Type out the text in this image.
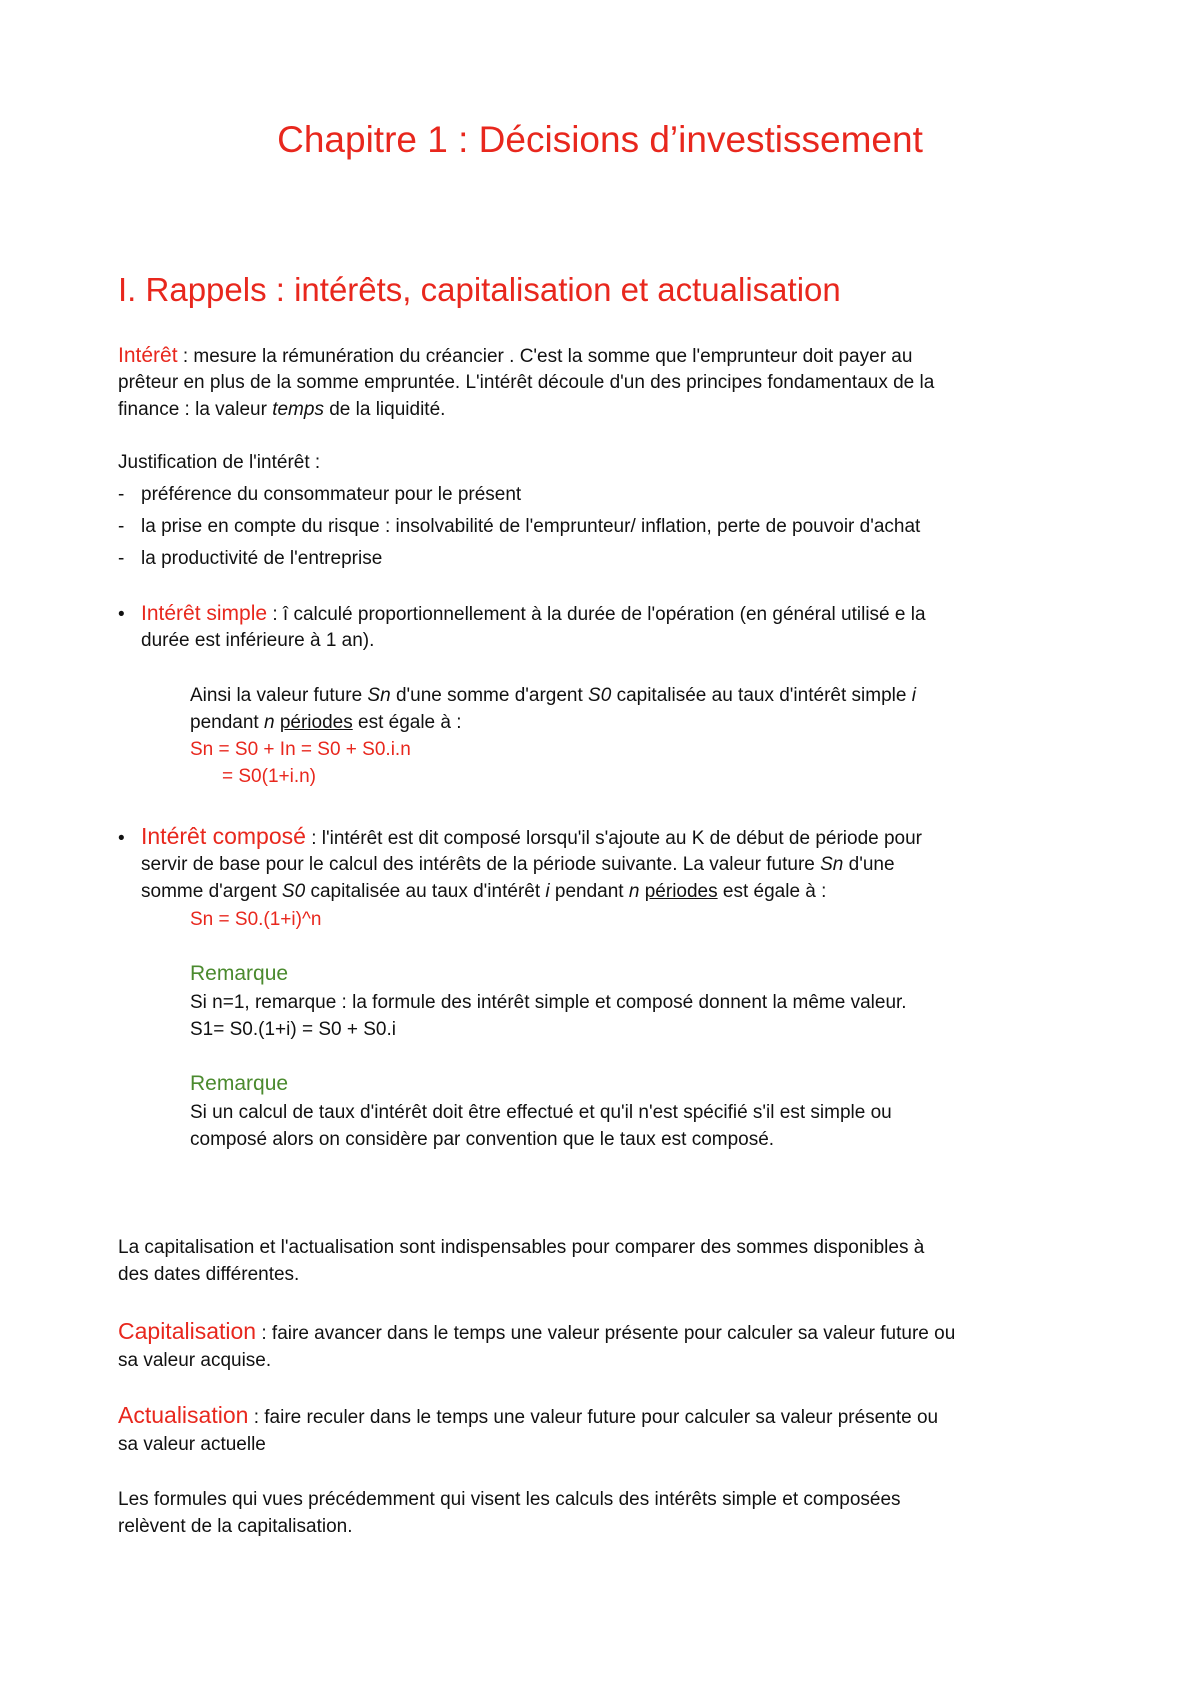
Chapitre 1 : Décisions d’investissement
I. Rappels : intérêts, capitalisation et actualisation
Intérêt : mesure la rémunération du créancier . C'est la somme que l'emprunteur doit payer au
prêteur en plus de la somme empruntée. L'intérêt découle d'un des principes fondamentaux de la
finance : la valeur temps de la liquidité.
Justification de l'intérêt :
- préférence du consommateur pour le présent
- la prise en compte du risque : insolvabilité de l'emprunteur/ inflation, perte de pouvoir d'achat
- la productivité de l'entreprise
• Intérêt simple : î calculé proportionnellement à la durée de l'opération (en général utilisé e la
durée est inférieure à 1 an).
Ainsi la valeur future Sn d'une somme d'argent S0 capitalisée au taux d'intérêt simple i
pendant n périodes est égale à :
Sn = S0 + In = S0 + S0.i.n
= S0(1+i.n)
• Intérêt composé : l'intérêt est dit composé lorsqu'il s'ajoute au K de début de période pour
servir de base pour le calcul des intérêts de la période suivante. La valeur future Sn d'une
somme d'argent S0 capitalisée au taux d'intérêt i pendant n périodes est égale à :
Sn = S0.(1+i)^n
Remarque
Si n=1, remarque : la formule des intérêt simple et composé donnent la même valeur.
S1= S0.(1+i) = S0 + S0.i
Remarque
Si un calcul de taux d'intérêt doit être effectué et qu'il n'est spécifié s'il est simple ou
composé alors on considère par convention que le taux est composé.
La capitalisation et l'actualisation sont indispensables pour comparer des sommes disponibles à
des dates différentes.
Capitalisation : faire avancer dans le temps une valeur présente pour calculer sa valeur future ou
sa valeur acquise.
Actualisation : faire reculer dans le temps une valeur future pour calculer sa valeur présente ou
sa valeur actuelle
Les formules qui vues précédemment qui visent les calculs des intérêts simple et composées
relèvent de la capitalisation.
